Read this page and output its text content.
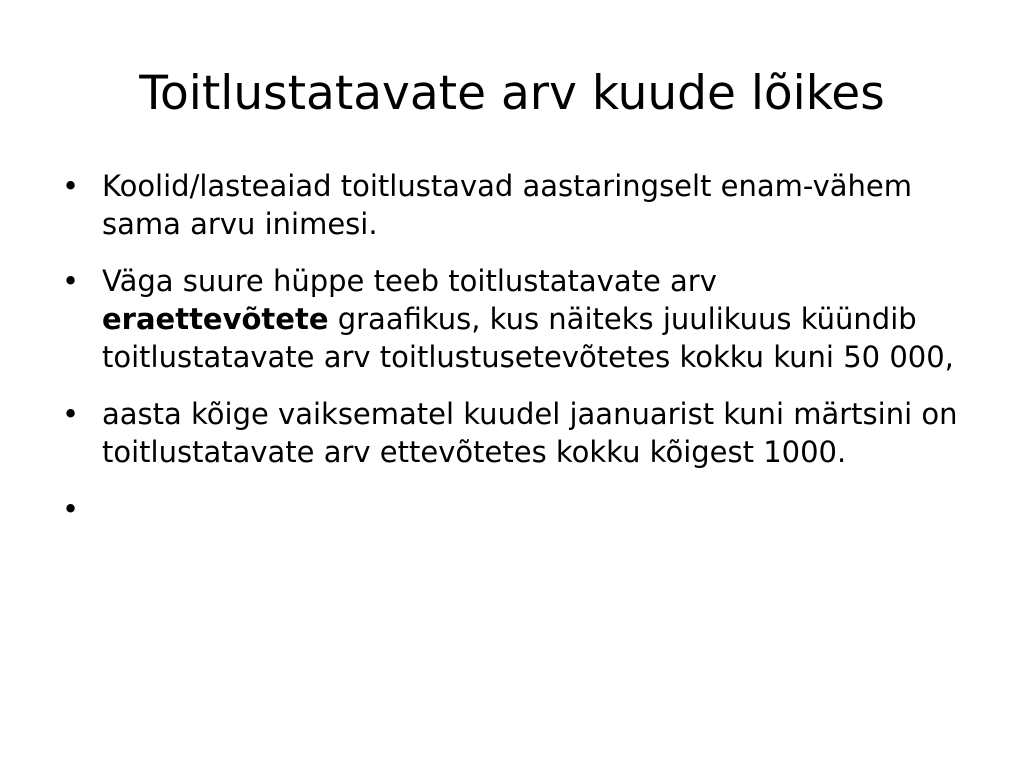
Toitlustatavate arv kuude lõikes
• Koolid/lasteaiad toitlustavad aastaringselt enam-vähem sama arvu inimesi.
• Väga suure hüppe teeb toitlustatavate arv
eraettevõtete graafikus, kus näiteks juulikuus küündib toitlustatavate arv toitlustusetevõtetes kokku kuni 50 000,
• aasta kõige vaiksematel kuudel jaanuarist kuni märtsini on toitlustatavate arv ettevõtetes kokku kõigest 1000.
•
